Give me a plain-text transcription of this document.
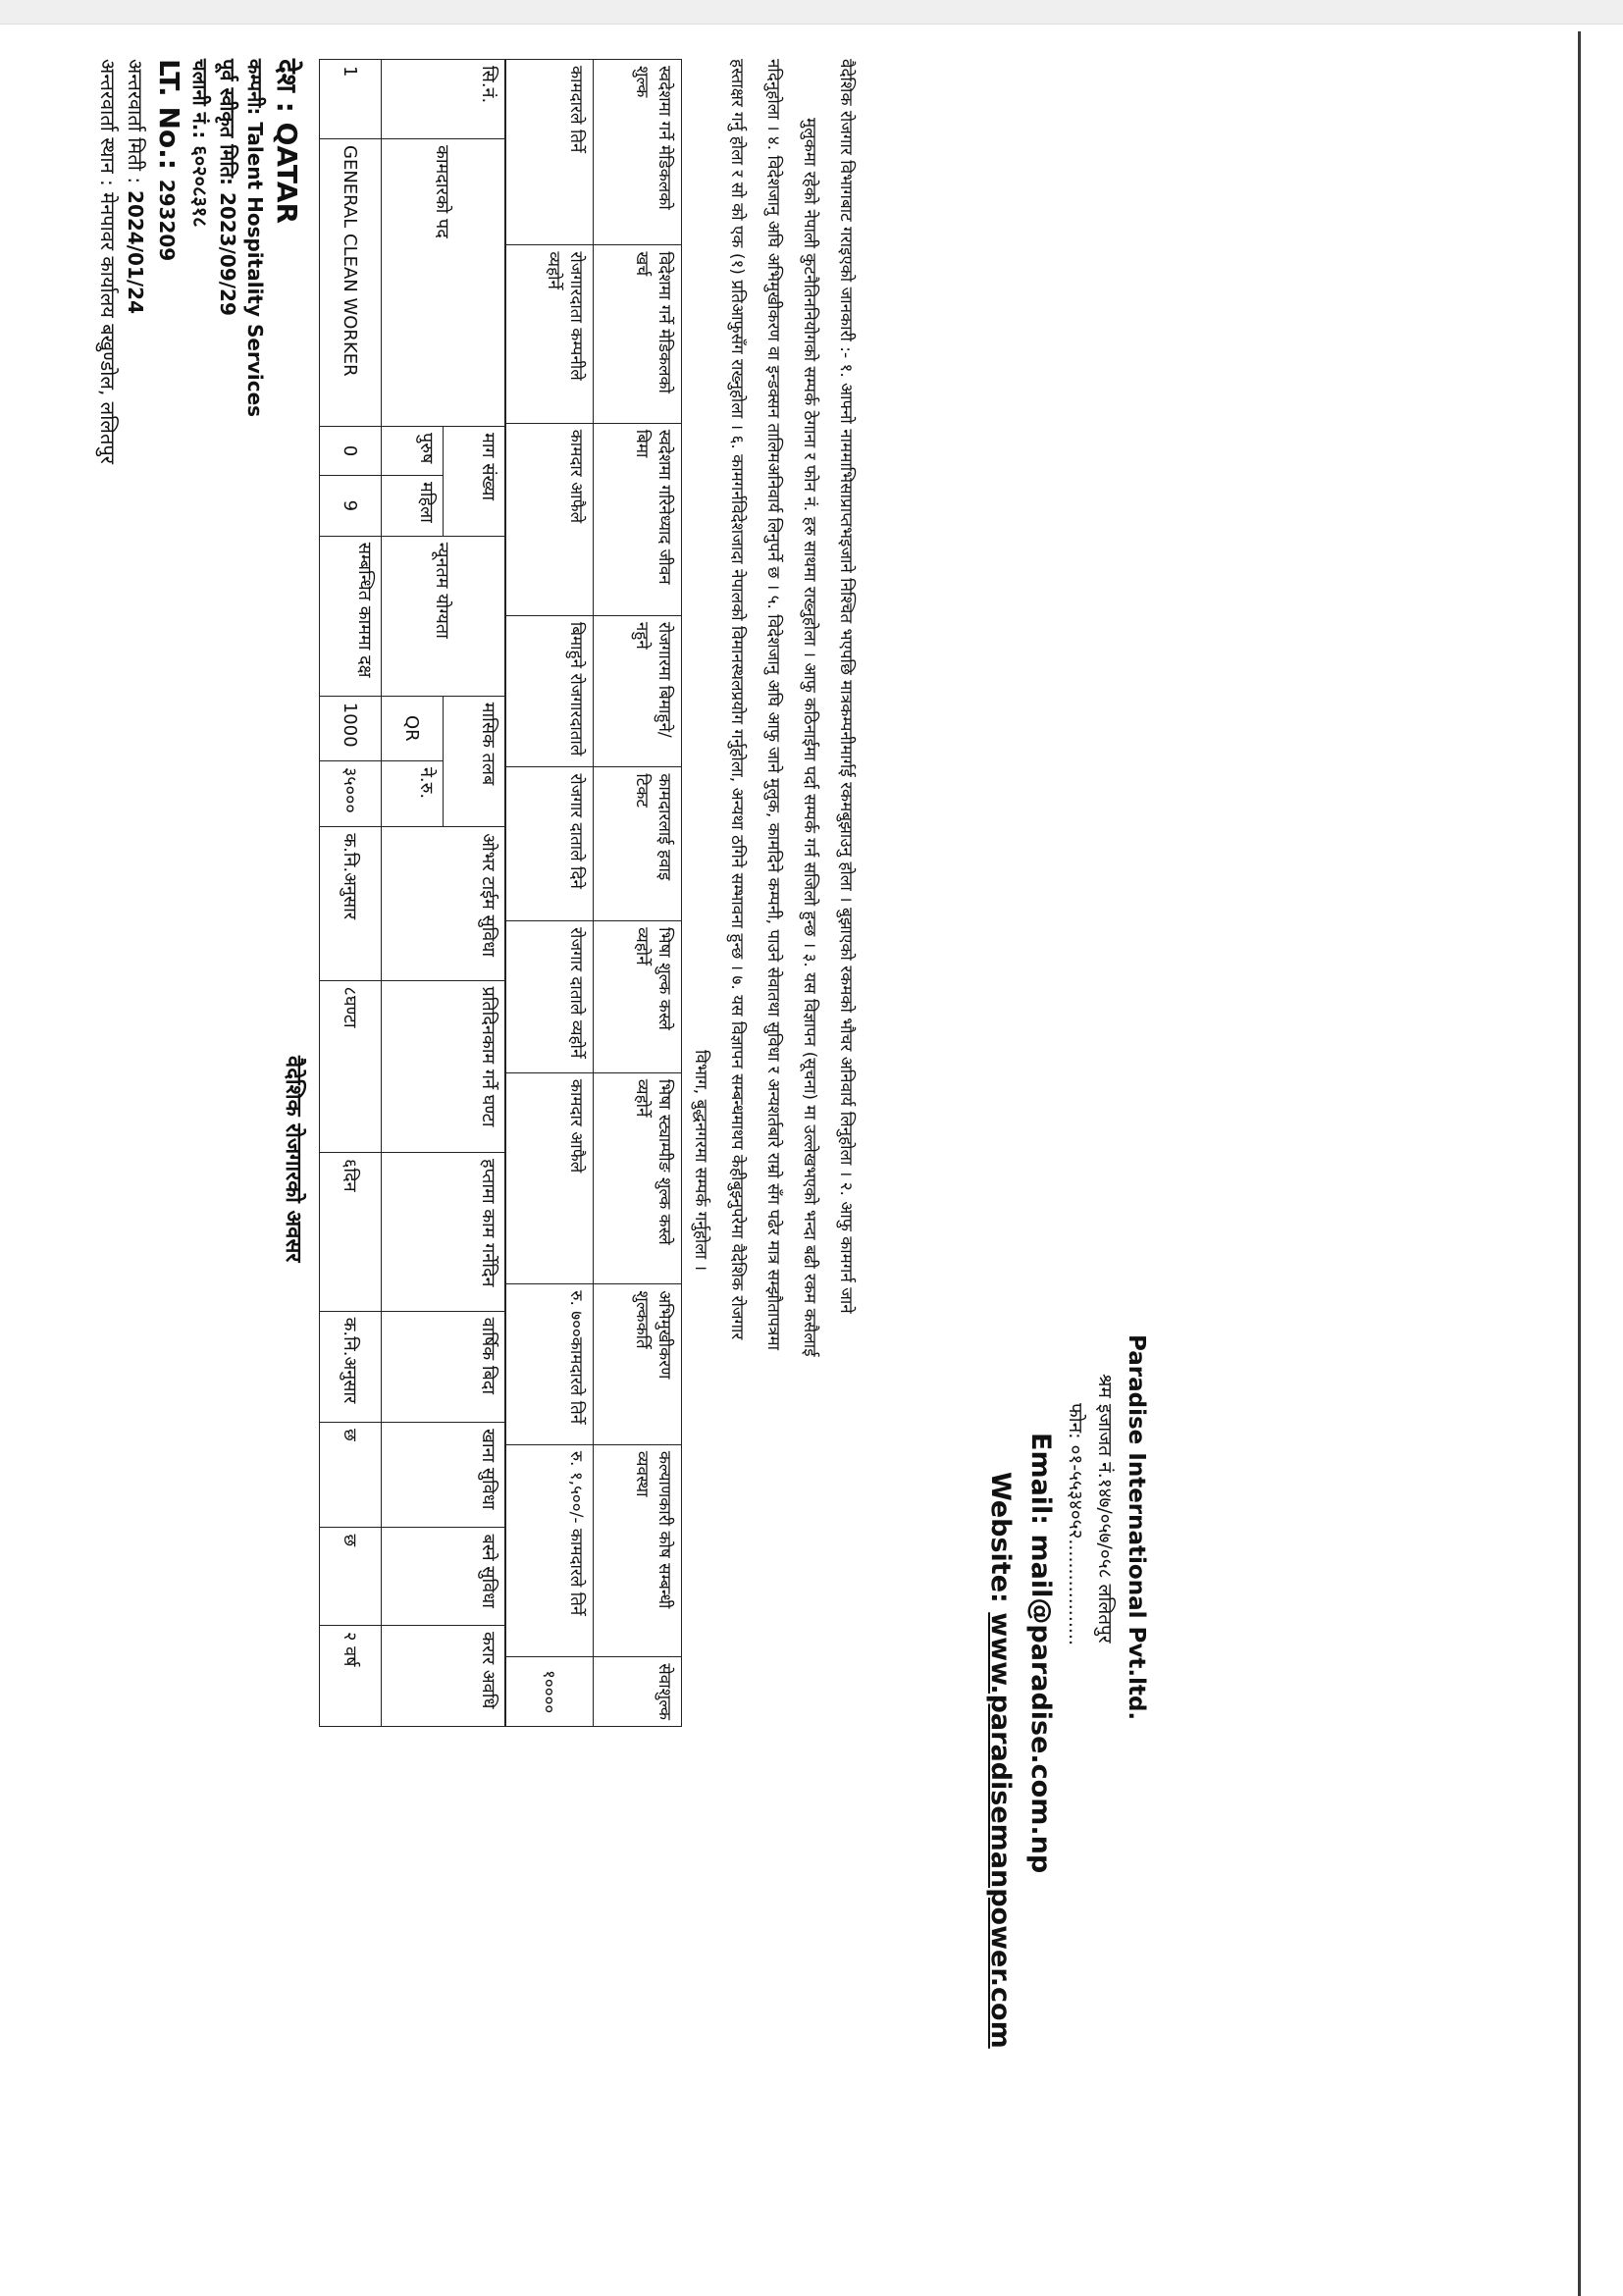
वैदेशिक रोजगारको अवसर
देश : QATAR
कम्पनी: Talent Hospitality Services
पूर्व स्वीकृत मिति: 2023/09/29
चलानी नं.: ६०२०८३१८
LT. No.: 293209
अन्तरवार्ता मिती : 2024/01/24
अन्तरवार्ता स्थान : मेनपावर कार्यालय बखुण्डोल, ललितपुर
सि.नं.	कामदारको पद	माग संख्या		न्यूनतम योग्यता	मासिक तलब		ओभर टाईम सुविधा	प्रतिदिनकाम गर्ने घण्टा	हप्तामा काम गर्नेदिन	वार्षिक बिदा	खाना सुविधा	बस्ने सुविधा	करार अवधि
		पुरुष	महिला		QR	ने.रु.							
1	GENERAL CLEAN WORKER	0	9	सम्बन्धित काममा दक्ष	1000	३५०००	क.नि.अनुसार	८घण्टा	६दिन	क.नि.अनुसार	छ	छ	२ वर्ष
स्वदेशमा गर्ने मेडिकलको शुल्क	विदेशमा गर्ने मेडिकलको खर्च	स्वदेशमा गरिनेध्याद जीवन बिमा	रोजगारमा बिमाहुने/नहुने	कामदारलाई हवाइ टिकट	भिषा शुल्क कस्ले व्यहोर्ने	भिषा स्ट्याम्पीङ शुल्क कस्ले व्यहोर्ने	अभिमुखीकरण शुल्ककर्ति	कल्याणकारी कोष सम्बन्धी व्यवस्था	सेवाशुल्क
कामदारले तिर्ने	रोजगारदाता कम्पनीले व्यहोर्ने	कामदार आफैले	बिमाहुने रोजगारदाताले	रोजगार दाताले दिने	रोजगार दाताले व्यहोर्ने	कामदार आफैले	रु. ७००कामदारले तिर्ने	रु. १,५००/- कामदारले तिर्ने	१००००

वैदेशिक रोजगार विभागबाट गराइएको जानकारी :- १. आफ्नो नाममाभिसाप्राप्तभइजाने निश्चित भएपछि मात्रकम्पनीमार्गई रकमबुझाउनु होला । बुझाएको रकमको भौचर अनिवार्य लिनुहोला । २. आफु कामगर्न जाने

मुलुकमा रहेको नेपाली कुटनैतिननियोगको सम्पर्क ठेगाना र फोन नं. हरु साथमा राख्नुहोला । आफु कठिनाईमा पर्दा सम्पर्क गर्न सजिलो हुन्छ । ३. यस विज्ञापन (सूचना) मा उल्लेखभएको भन्दा बढी रकम कसैलाई

नदिनुहोला । ४. विदेशजानु अघि अभिमुखीकरण वा इन्डक्सन तालिमअनिवार्य लिनुपर्ने छ । ५. विदेशजानु अघि आफु जाने मुलुक, कामदिने कम्पनी, पाउने सेवातथा सुविधा र अन्यशर्तबारे राम्रो सँग पढेर मात्र सम्झौतापत्रमा

हस्ताक्षर गर्नु होला र सो को एक (१) प्रतिआफुसँग राख्नुहोला । ६. कामगर्नविदेशजादा नेपालको विमानस्थलप्रयोग गर्नुहोला, अन्यथा ठगिने सम्भावना हुन्छ । ७. यस विज्ञापन सम्बन्धमाथप केहीबुझ्नुपरेमा वैदेशिक रोजगार

विभाग, बुद्धनगरमा सम्पर्क गर्नुहोला ।

Paradise International Pvt.ltd.
श्रम इजाजत नं.१४७/०५७/०५८ ललितपुर
फोन: ०१-५५३४०५२..................
Email: mail@paradise.com.np
Website: www.paradisemanpower.com
